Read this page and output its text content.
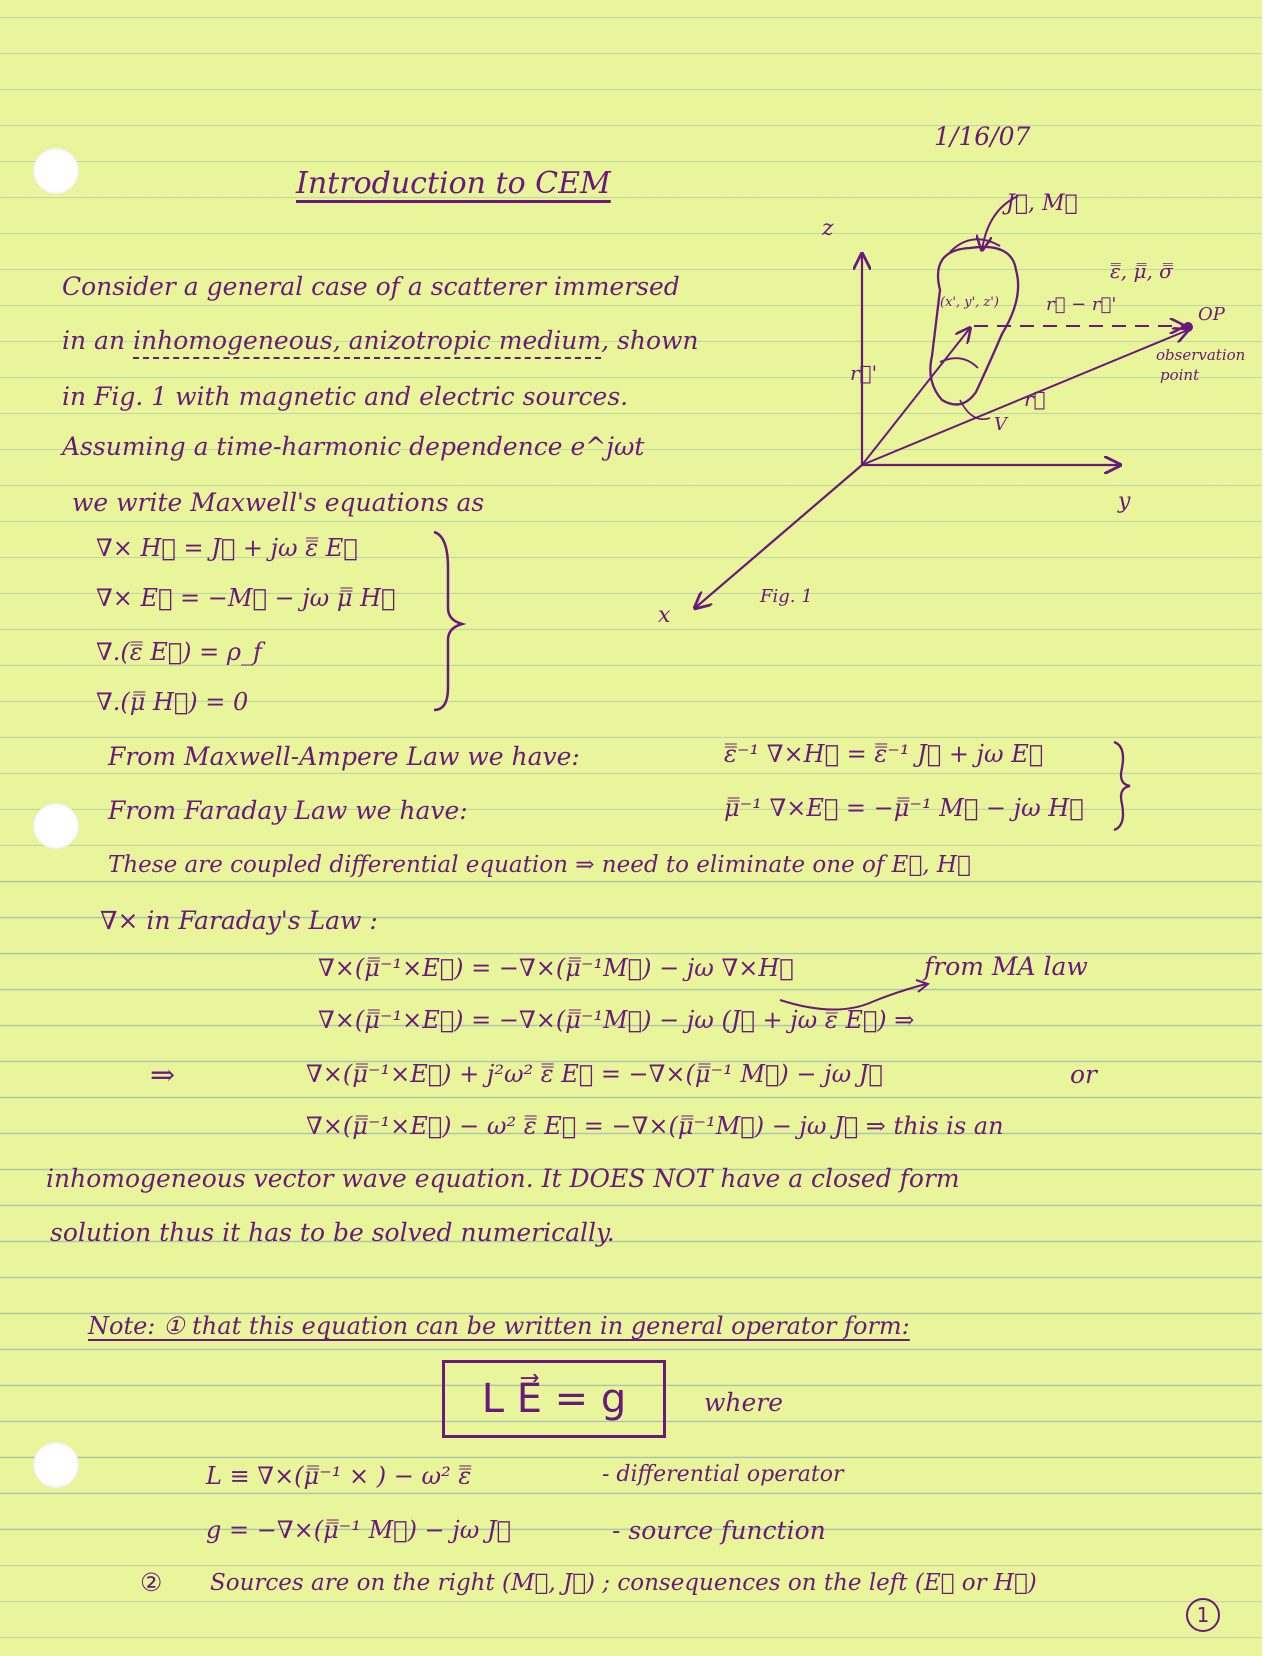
1/16/07
Introduction to CEM
Consider a general case of a scatterer immersed
in an inhomogeneous, anizotropic medium, shown
in Fig. 1 with magnetic and electric sources.
Assuming a time-harmonic dependence e^jωt
we write Maxwell's equations as
∇× H⃗ = J⃗ + jω ε̿ E⃗
∇× E⃗ = −M⃗ − jω μ̿ H⃗
∇.(ε̿ E⃗) = ρ_f
∇.(μ̿ H⃗) = 0
z
y
x
J⃗, M⃗
ε̿, μ̿, σ̿
(x', y', z')	r⃗ − r⃗'	OP
observation
point
r⃗'
r⃗
V
Fig. 1
From Maxwell-Ampere Law we have:	ε̿⁻¹ ∇×H⃗ = ε̿⁻¹ J⃗ + jω E⃗
From Faraday Law we have:	μ̿⁻¹ ∇×E⃗ = −μ̿⁻¹ M⃗ − jω H⃗
These are coupled differential equation ⇒ need to eliminate one of E⃗, H⃗
∇× in Faraday's Law :
∇×(μ̿⁻¹×E⃗) = −∇×(μ̿⁻¹M⃗) − jω ∇×H⃗	from MA law
∇×(μ̿⁻¹×E⃗) = −∇×(μ̿⁻¹M⃗) − jω (J⃗ + jω ε̿ E⃗) ⇒
⇒	∇×(μ̿⁻¹×E⃗) + j²ω² ε̿ E⃗ = −∇×(μ̿⁻¹ M⃗) − jω J⃗	or
∇×(μ̿⁻¹×E⃗) − ω² ε̿ E⃗ = −∇×(μ̿⁻¹M⃗) − jω J⃗ ⇒ this is an
inhomogeneous vector wave equation. It DOES NOT have a closed form
solution thus it has to be solved numerically.
Note: ① that this equation can be written in general operator form:
L E⃗ = g	where
L ≡ ∇×(μ̿⁻¹ × ) − ω² ε̿	- differential operator
g = −∇×(μ̿⁻¹ M⃗) − jω J⃗	- source function
② Sources are on the right (M⃗, J⃗) ; consequences on the left (E⃗ or H⃗)
1
